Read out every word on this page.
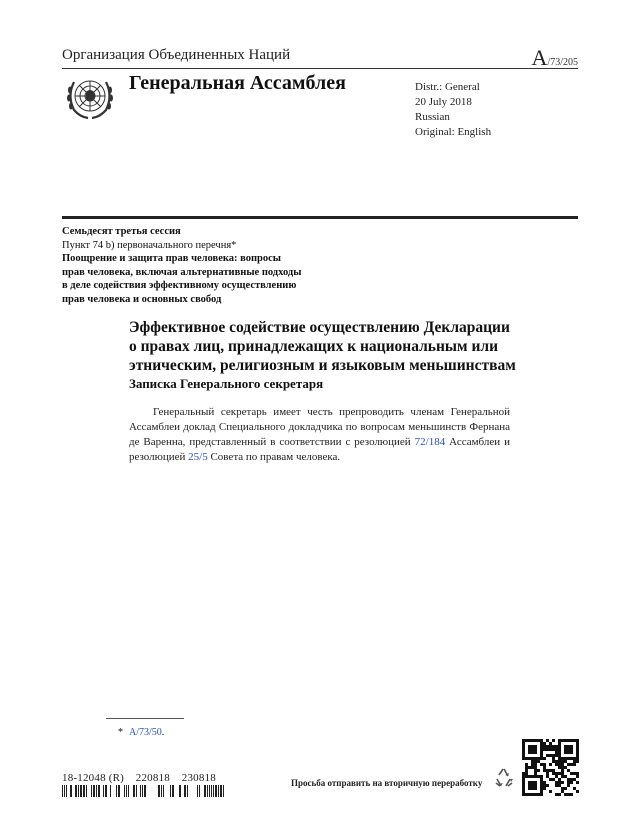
Организация Объединенных Наций	A/73/205
Генеральная Ассамблея	Distr.: General
20 July 2018
Russian
Original: English
Семьдесят третья сессия
Пункт 74 b) первоначального перечня*
Поощрение и защита прав человека: вопросы
прав человека, включая альтернативные подходы
в деле содействия эффективному осуществлению
прав человека и основных свобод
Эффективное содействие осуществлению Декларации
о правах лиц, принадлежащих к национальным или
этническим, религиозным и языковым меньшинствам
Записка Генерального секретаря
Генеральный секретарь имеет честь препроводить членам Генеральной Ассамблеи доклад Специального докладчика по вопросам меньшинств Фернана де Варенна, представленный в соответствии с резолюцией 72/184 Ассамблеи и резолюцией 25/5 Совета по правам человека.
* A/73/50.
18-12048 (R)    220818    230818	Просьба отправить на вторичную переработку
